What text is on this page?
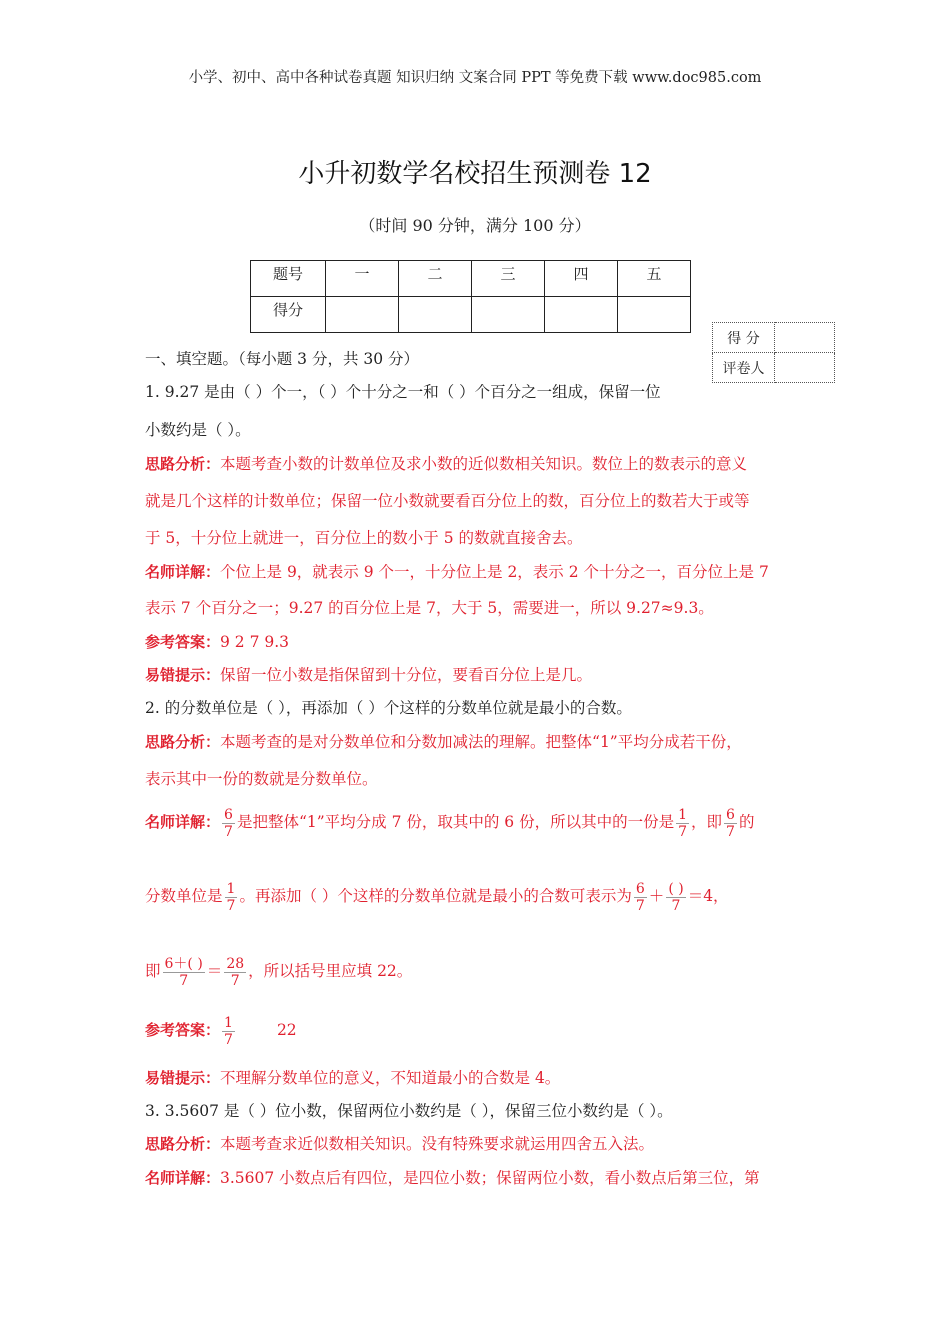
小学、初中、高中各种试卷真题 知识归纳 文案合同 PPT 等免费下载 www.doc985.com
小升初数学名校招生预测卷 12
（时间 90 分钟，满分 100 分）
题号	一	二	三	四	五
得分					
得 分	
评卷人	
一、填空题。（每小题 3 分，共 30 分）
1. 9.27 是由（ ）个一，（ ）个十分之一和（ ）个百分之一组成，保留一位
小数约是（ ）。
思路分析：本题考查小数的计数单位及求小数的近似数相关知识。数位上的数表示的意义
就是几个这样的计数单位；保留一位小数就要看百分位上的数，百分位上的数若大于或等
于 5，十分位上就进一，百分位上的数小于 5 的数就直接舍去。
名师详解：个位上是 9，就表示 9 个一，十分位上是 2，表示 2 个十分之一，百分位上是 7
表示 7 个百分之一；9.27 的百分位上是 7，大于 5，需要进一，所以 9.27≈9.3。
参考答案：9 2 7 9.3
易错提示：保留一位小数是指保留到十分位，要看百分位上是几。
2. 的分数单位是（ ），再添加（ ）个这样的分数单位就是最小的合数。
思路分析：本题考查的是对分数单位和分数加减法的理解。把整体“1”平均分成若干份，
表示其中一份的数就是分数单位。
名师详解： $\frac{6}{7}$ 是把整体“1”平均分成 7 份，取其中的 6 份，所以其中的一份是 $\frac{1}{7}$ ，即 $\frac{6}{7}$ 的
分数单位是 $\frac{1}{7}$ 。再添加（ ）个这样的分数单位就是最小的合数可表示为 $\frac{6}{7} + \frac{( )}{7} =4$，
即 $\frac{6+( )}{7} = \frac{28}{7}$ ，所以括号里应填 22。
参考答案： $\frac{1}{7}$	22
易错提示：不理解分数单位的意义，不知道最小的合数是 4。
3. 3.5607 是（ ）位小数，保留两位小数约是（ ），保留三位小数约是（ ）。
思路分析：本题考查求近似数相关知识。没有特殊要求就运用四舍五入法。
名师详解：3.5607 小数点后有四位，是四位小数；保留两位小数，看小数点后第三位，第
